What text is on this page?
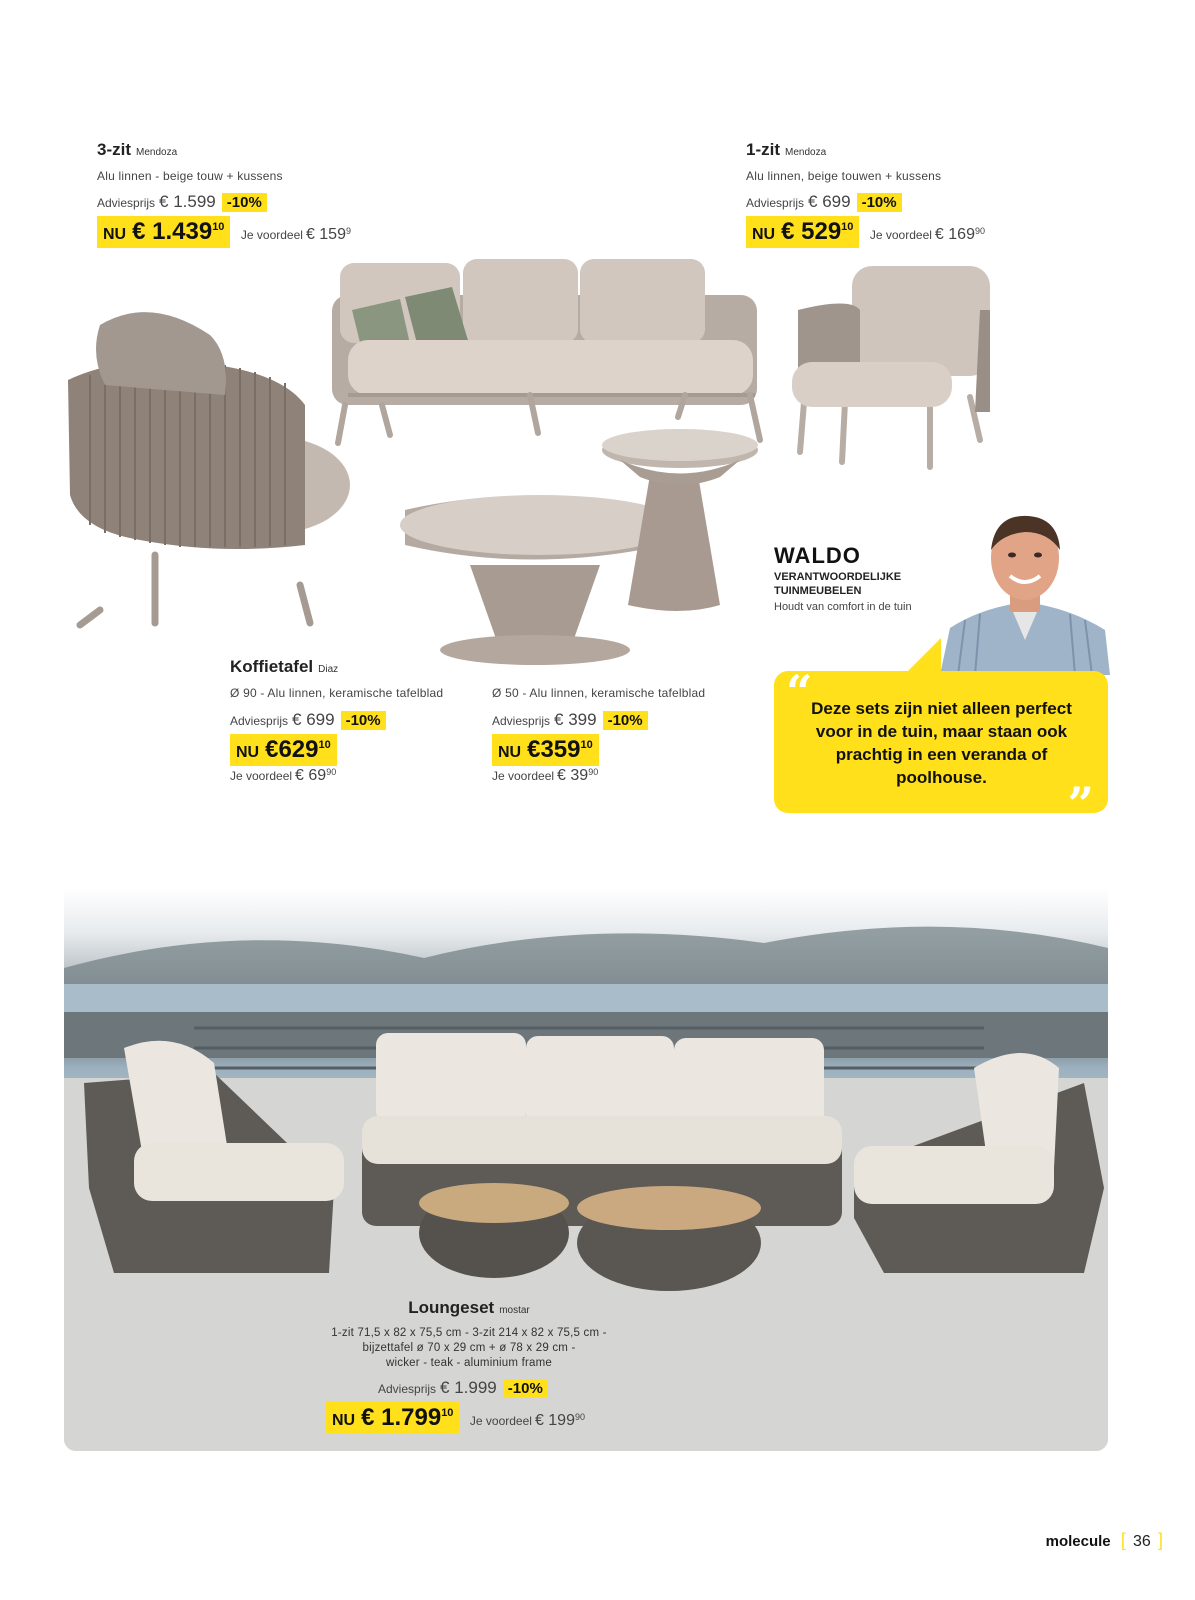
3-zit Mendoza
Alu linnen - beige touw + kussens
Adviesprijs € 1.599 -10%
NU € 1.439$^{10}$ Je voordeel € $159^9$
1-zit Mendoza
Alu linnen, beige touwen + kussens
Adviesprijs € 699 -10%
NU € $529^{10}$ Je voordeel € $169^{90}$
Koffietafel Diaz
Ø 90 - Alu linnen, keramische tafelblad
Adviesprijs € 699 -10%
NU $€629^{10}$
Je voordeel € $69^{90}$
Ø 50 - Alu linnen, keramische tafelblad
Adviesprijs € 399 -10%
NU $€359^{10}$
Je voordeel € $39^{90}$
WALDO
VERANTWOORDELIJKE
TUINMEUBELEN
Houdt van comfort in de tuin
“
Deze sets zijn niet alleen perfect voor in de tuin, maar staan ook prachtig in een veranda of poolhouse.	”
Loungeset mostar
1-zit 71,5 x 82 x 75,5 cm - 3-zit 214 x 82 x 75,5 cm -
bijzettafel ø 70 x 29 cm + ø 78 x 29 cm -
wicker - teak - aluminium frame
Adviesprijs € 1.999 -10%
NU € 1.799$^{10}$ Je voordeel € $199^{90}$
molecule [ 36 ]
